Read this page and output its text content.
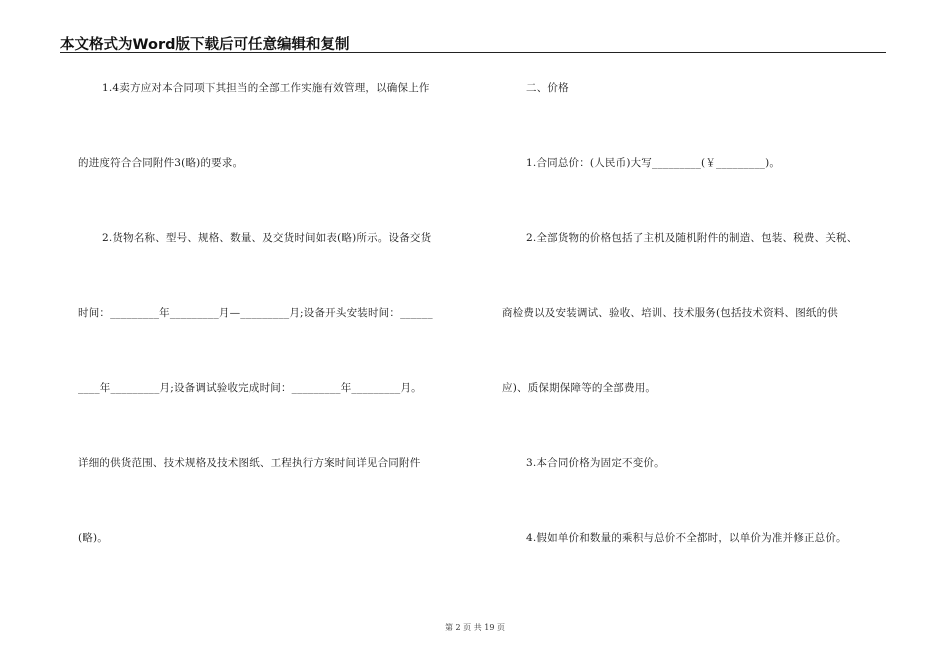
本文格式为Word版下载后可任意编辑和复制
1.4卖方应对本合同项下其担当的全部工作实施有效管理，以确保上作
的进度符合合同附件3(略)的要求。
2.货物名称、型号、规格、数量、及交货时间如表(略)所示。设备交货
时间：_________年_________月—_________月;设备开头安装时间：______
____年_________月;设备调试验收完成时间：_________年_________月。
详细的供货范围、技术规格及技术图纸、工程执行方案时间详见合同附件
(略)。
二、价格
1.合同总价：(人民币)大写_________(￥_________)。
2.全部货物的价格包括了主机及随机附件的制造、包装、税费、关税、
商检费以及安装调试、验收、培训、技术服务(包括技术资料、图纸的供
应)、质保期保障等的全部费用。
3.本合同价格为固定不变价。
4.假如单价和数量的乘积与总价不全都时，以单价为准并修正总价。
第 2 页 共 19 页
